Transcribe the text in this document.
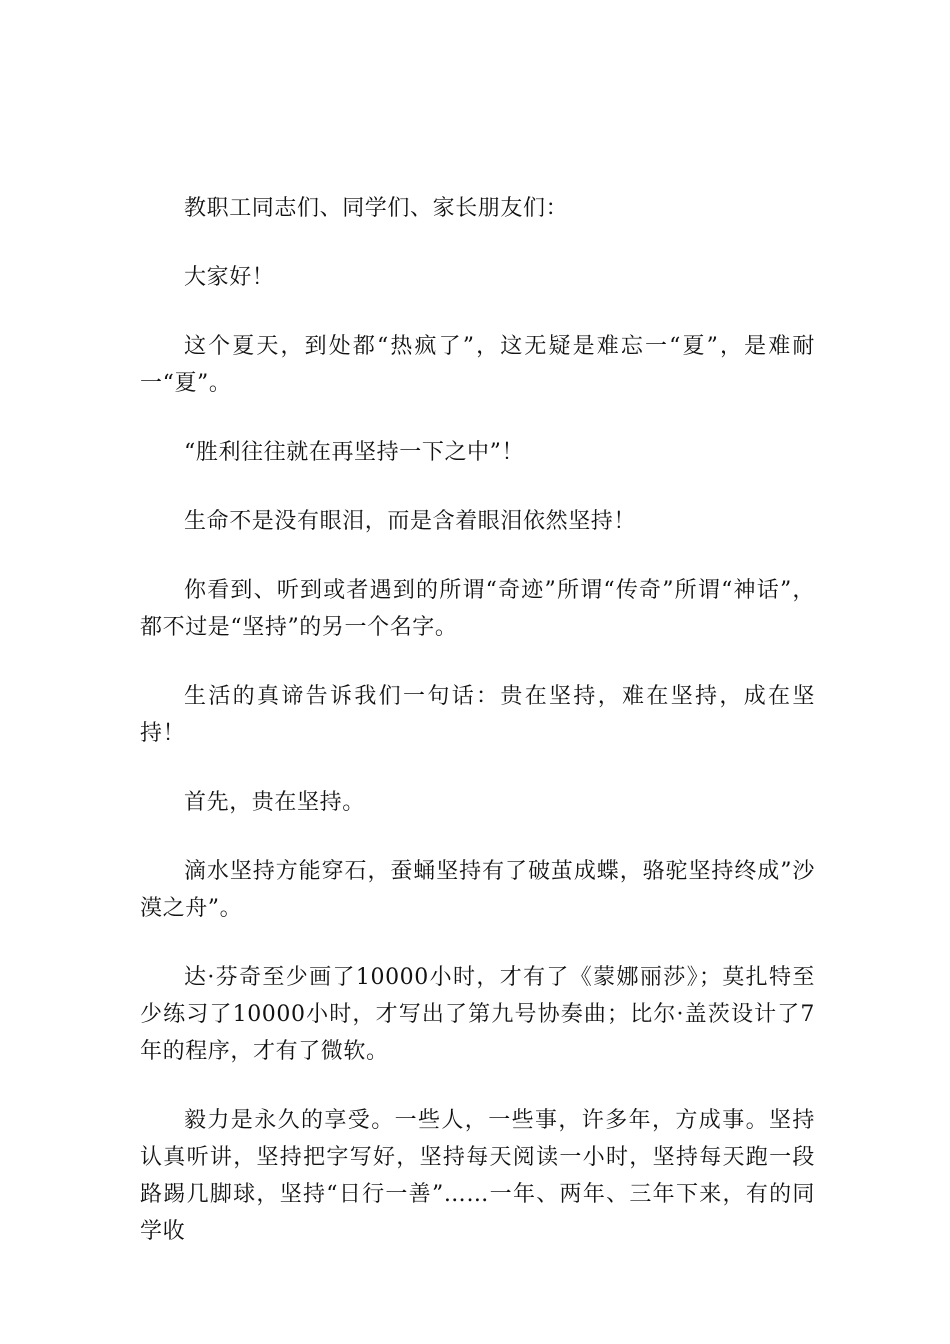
教职工同志们、同学们、家长朋友们：

大家好！

这个夏天，到处都“热疯了”，这无疑是难忘一“夏”，是难耐一“夏”。

“胜利往往就在再坚持一下之中”！

生命不是没有眼泪，而是含着眼泪依然坚持！

你看到、听到或者遇到的所谓“奇迹”所谓“传奇”所谓“神话”，都不过是“坚持”的另一个名字。

生活的真谛告诉我们一句话：贵在坚持，难在坚持，成在坚持！

首先，贵在坚持。

滴水坚持方能穿石，蚕蛹坚持有了破茧成蝶，骆驼坚持终成”沙漠之舟”。

达·芬奇至少画了10000小时，才有了《蒙娜丽莎》；莫扎特至少练习了10000小时，才写出了第九号协奏曲；比尔·盖茨设计了7年的程序，才有了微软。

毅力是永久的享受。一些人，一些事，许多年，方成事。坚持认真听讲，坚持把字写好，坚持每天阅读一小时，坚持每天跑一段路踢几脚球，坚持“日行一善”……一年、两年、三年下来，有的同学收
